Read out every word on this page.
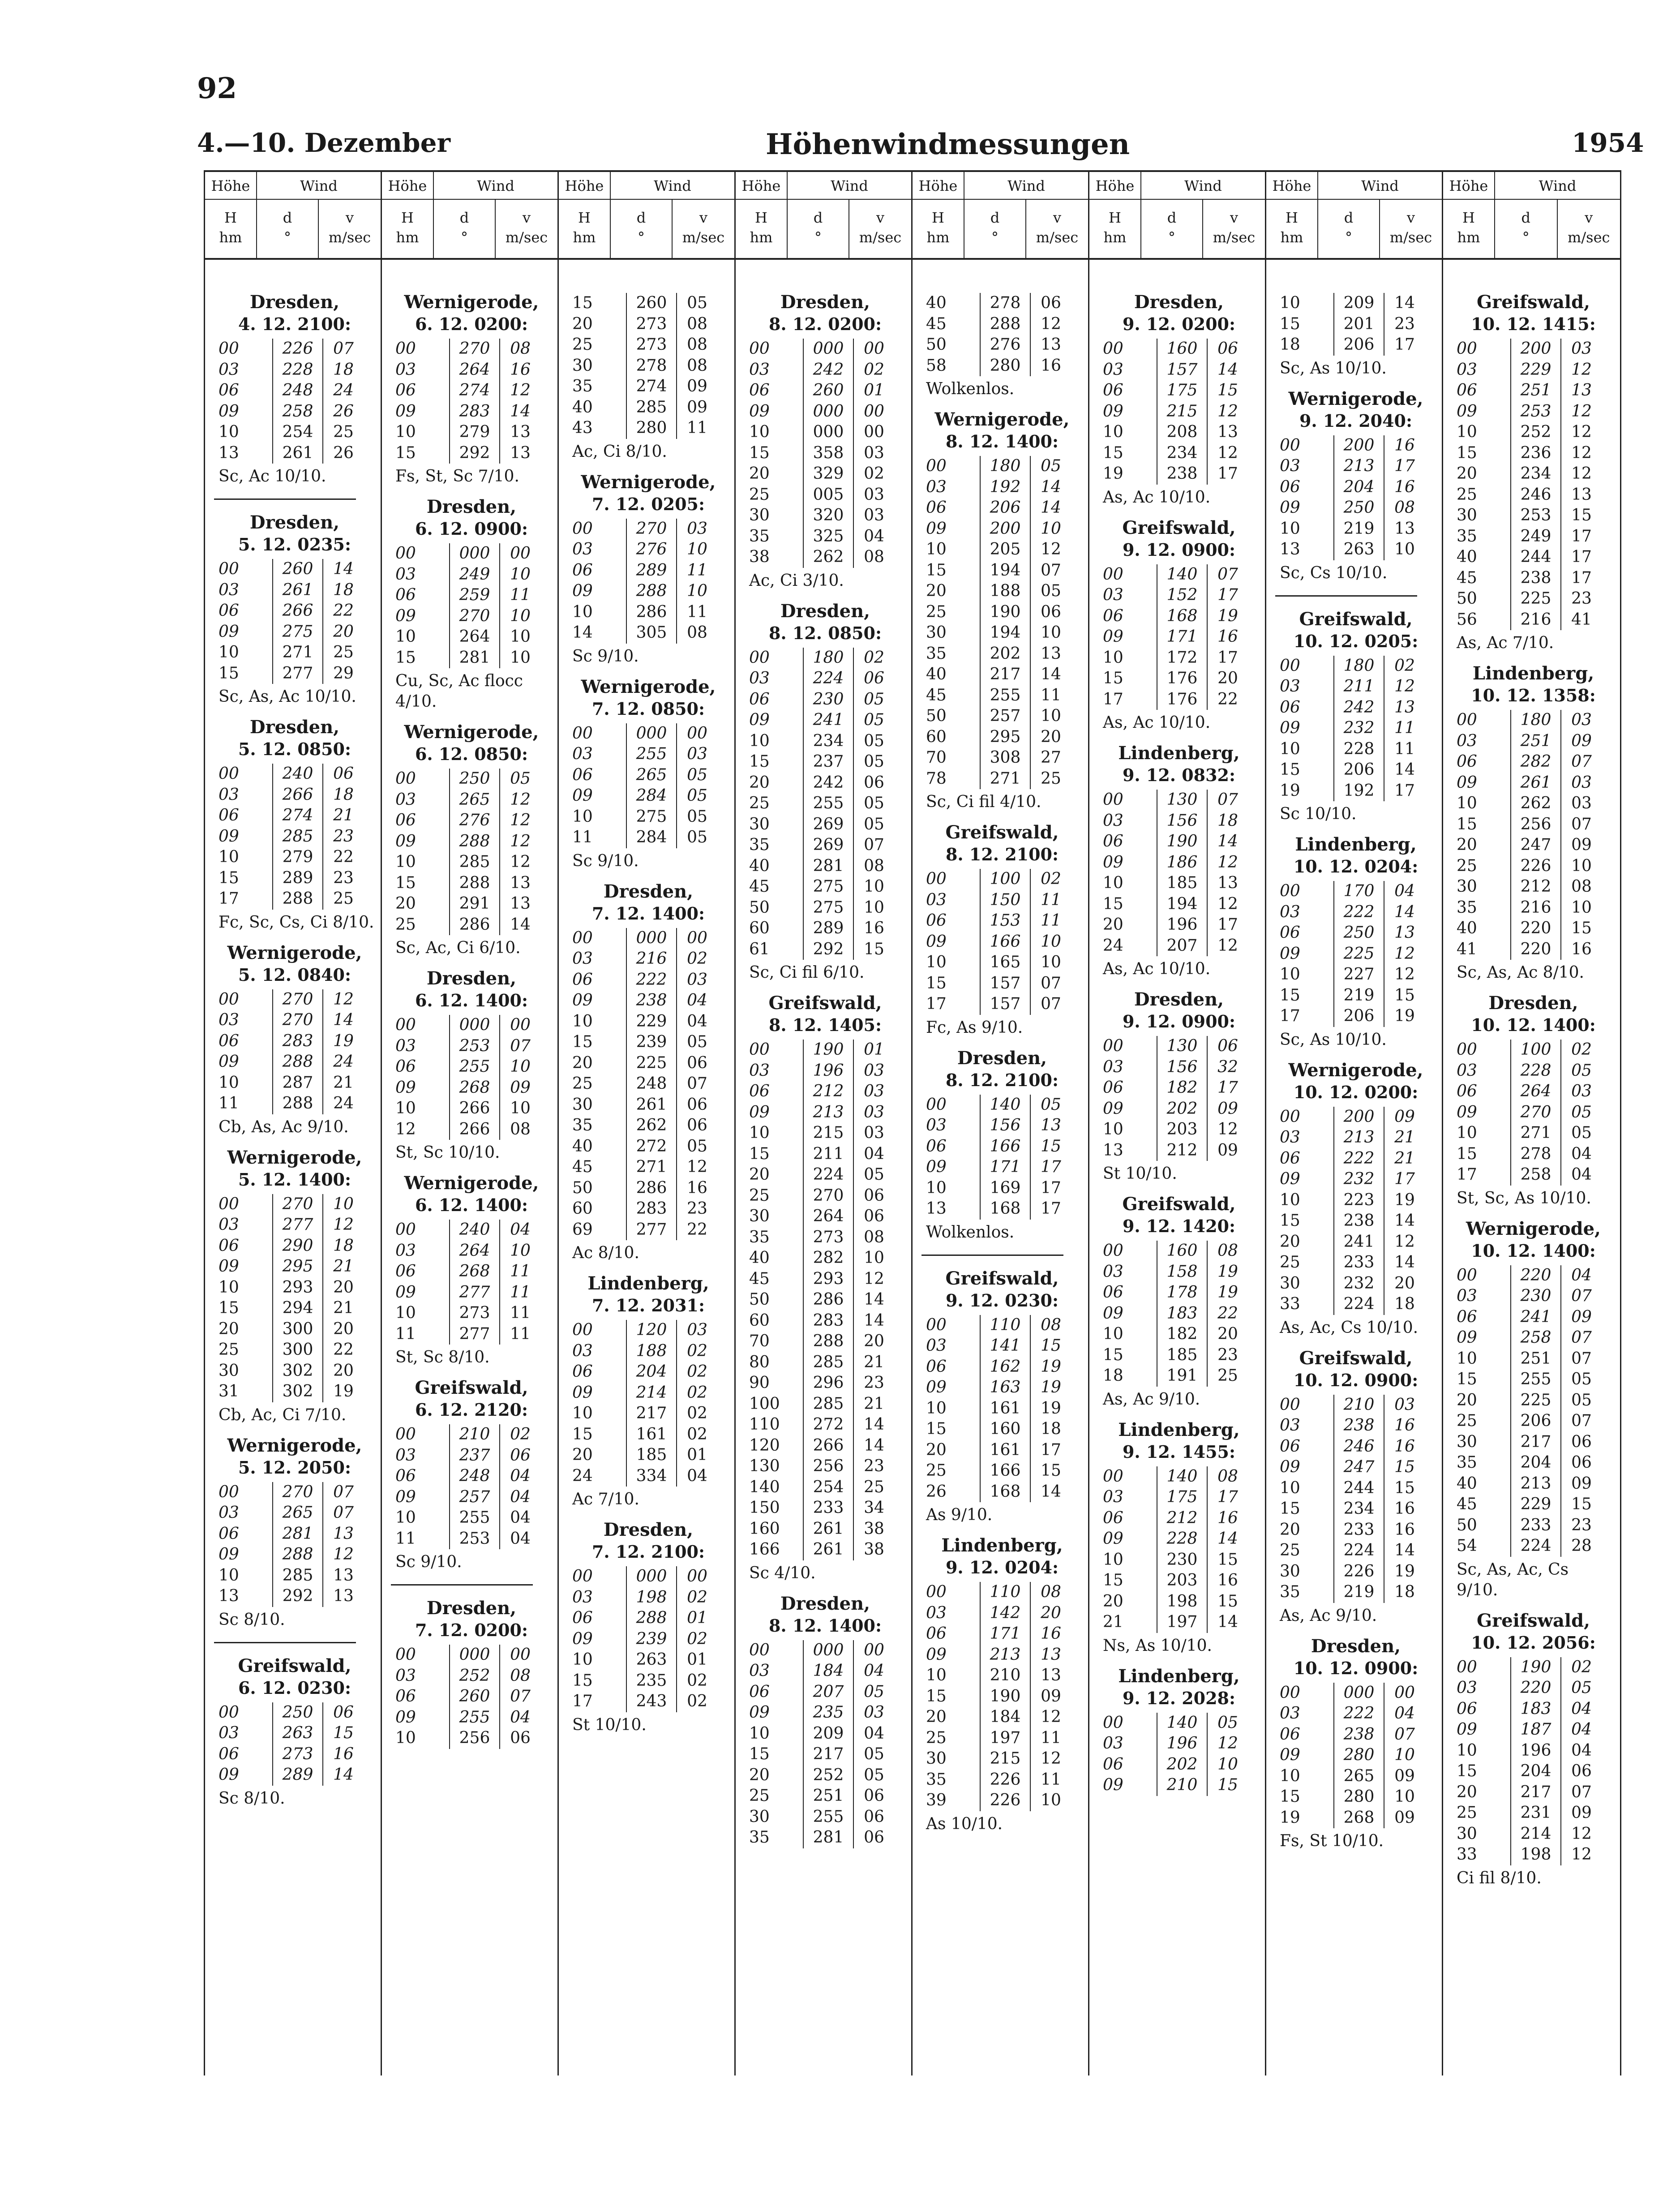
92
4.—10. Dezember	Höhenwindmessungen	1954
Höhe	Wind
H
hm
d
°
v
m/sec
Dresden,
4. 12. 2100:
00	226	07
03	228	18
06	248	24
09	258	26
10	254	25
13	261	26
Sc, Ac 10/10.
Dresden,
5. 12. 0235:
00	260	14
03	261	18
06	266	22
09	275	20
10	271	25
15	277	29
Sc, As, Ac 10/10.
Dresden,
5. 12. 0850:
00	240	06
03	266	18
06	274	21
09	285	23
10	279	22
15	289	23
17	288	25
Fc, Sc, Cs, Ci 8/10.
Wernigerode,
5. 12. 0840:
00	270	12
03	270	14
06	283	19
09	288	24
10	287	21
11	288	24
Cb, As, Ac 9/10.
Wernigerode,
5. 12. 1400:
00	270	10
03	277	12
06	290	18
09	295	21
10	293	20
15	294	21
20	300	20
25	300	22
30	302	20
31	302	19
Cb, Ac, Ci 7/10.
Wernigerode,
5. 12. 2050:
00	270	07
03	265	07
06	281	13
09	288	12
10	285	13
13	292	13
Sc 8/10.
Greifswald,
6. 12. 0230:
00	250	06
03	263	15
06	273	16
09	289	14
Sc 8/10.
Höhe	Wind
H
hm
d
°
v
m/sec
Wernigerode,
6. 12. 0200:
00	270	08
03	264	16
06	274	12
09	283	14
10	279	13
15	292	13
Fs, St, Sc 7/10.
Dresden,
6. 12. 0900:
00	000	00
03	249	10
06	259	11
09	270	10
10	264	10
15	281	10
Cu, Sc, Ac flocc 4/10.
Wernigerode,
6. 12. 0850:
00	250	05
03	265	12
06	276	12
09	288	12
10	285	12
15	288	13
20	291	13
25	286	14
Sc, Ac, Ci 6/10.
Dresden,
6. 12. 1400:
00	000	00
03	253	07
06	255	10
09	268	09
10	266	10
12	266	08
St, Sc 10/10.
Wernigerode,
6. 12. 1400:
00	240	04
03	264	10
06	268	11
09	277	11
10	273	11
11	277	11
St, Sc 8/10.
Greifswald,
6. 12. 2120:
00	210	02
03	237	06
06	248	04
09	257	04
10	255	04
11	253	04
Sc 9/10.
Dresden,
7. 12. 0200:
00	000	00
03	252	08
06	260	07
09	255	04
10	256	06
Höhe	Wind
H
hm
d
°
v
m/sec
15	260	05
20	273	08
25	273	08
30	278	08
35	274	09
40	285	09
43	280	11
Ac, Ci 8/10.
Wernigerode,
7. 12. 0205:
00	270	03
03	276	10
06	289	11
09	288	10
10	286	11
14	305	08
Sc 9/10.
Wernigerode,
7. 12. 0850:
00	000	00
03	255	03
06	265	05
09	284	05
10	275	05
11	284	05
Sc 9/10.
Dresden,
7. 12. 1400:
00	000	00
03	216	02
06	222	03
09	238	04
10	229	04
15	239	05
20	225	06
25	248	07
30	261	06
35	262	06
40	272	05
45	271	12
50	286	16
60	283	23
69	277	22
Ac 8/10.
Lindenberg,
7. 12. 2031:
00	120	03
03	188	02
06	204	02
09	214	02
10	217	02
15	161	02
20	185	01
24	334	04
Ac 7/10.
Dresden,
7. 12. 2100:
00	000	00
03	198	02
06	288	01
09	239	02
10	263	01
15	235	02
17	243	02
St 10/10.
Höhe	Wind
H
hm
d
°
v
m/sec
Dresden,
8. 12. 0200:
00	000	00
03	242	02
06	260	01
09	000	00
10	000	00
15	358	03
20	329	02
25	005	03
30	320	03
35	325	04
38	262	08
Ac, Ci 3/10.
Dresden,
8. 12. 0850:
00	180	02
03	224	06
06	230	05
09	241	05
10	234	05
15	237	05
20	242	06
25	255	05
30	269	05
35	269	07
40	281	08
45	275	10
50	275	10
60	289	16
61	292	15
Sc, Ci fil 6/10.
Greifswald,
8. 12. 1405:
00	190	01
03	196	03
06	212	03
09	213	03
10	215	03
15	211	04
20	224	05
25	270	06
30	264	06
35	273	08
40	282	10
45	293	12
50	286	14
60	283	14
70	288	20
80	285	21
90	296	23
100	285	21
110	272	14
120	266	14
130	256	23
140	254	25
150	233	34
160	261	38
166	261	38
Sc 4/10.
Dresden,
8. 12. 1400:
00	000	00
03	184	04
06	207	05
09	235	03
10	209	04
15	217	05
20	252	05
25	251	06
30	255	06
35	281	06
Höhe	Wind
H
hm
d
°
v
m/sec
40	278	06
45	288	12
50	276	13
58	280	16
Wolkenlos.
Wernigerode,
8. 12. 1400:
00	180	05
03	192	14
06	206	14
09	200	10
10	205	12
15	194	07
20	188	05
25	190	06
30	194	10
35	202	13
40	217	14
45	255	11
50	257	10
60	295	20
70	308	27
78	271	25
Sc, Ci fil 4/10.
Greifswald,
8. 12. 2100:
00	100	02
03	150	11
06	153	11
09	166	10
10	165	10
15	157	07
17	157	07
Fc, As 9/10.
Dresden,
8. 12. 2100:
00	140	05
03	156	13
06	166	15
09	171	17
10	169	17
13	168	17
Wolkenlos.
Greifswald,
9. 12. 0230:
00	110	08
03	141	15
06	162	19
09	163	19
10	161	19
15	160	18
20	161	17
25	166	15
26	168	14
As 9/10.
Lindenberg,
9. 12. 0204:
00	110	08
03	142	20
06	171	16
09	213	13
10	210	13
15	190	09
20	184	12
25	197	11
30	215	12
35	226	11
39	226	10
As 10/10.
Höhe	Wind
H
hm
d
°
v
m/sec
Dresden,
9. 12. 0200:
00	160	06
03	157	14
06	175	15
09	215	12
10	208	13
15	234	12
19	238	17
As, Ac 10/10.
Greifswald,
9. 12. 0900:
00	140	07
03	152	17
06	168	19
09	171	16
10	172	17
15	176	20
17	176	22
As, Ac 10/10.
Lindenberg,
9. 12. 0832:
00	130	07
03	156	18
06	190	14
09	186	12
10	185	13
15	194	12
20	196	17
24	207	12
As, Ac 10/10.
Dresden,
9. 12. 0900:
00	130	06
03	156	32
06	182	17
09	202	09
10	203	12
13	212	09
St 10/10.
Greifswald,
9. 12. 1420:
00	160	08
03	158	19
06	178	19
09	183	22
10	182	20
15	185	23
18	191	25
As, Ac 9/10.
Lindenberg,
9. 12. 1455:
00	140	08
03	175	17
06	212	16
09	228	14
10	230	15
15	203	16
20	198	15
21	197	14
Ns, As 10/10.
Lindenberg,
9. 12. 2028:
00	140	05
03	196	12
06	202	10
09	210	15
Höhe	Wind
H
hm
d
°
v
m/sec
10	209	14
15	201	23
18	206	17
Sc, As 10/10.
Wernigerode,
9. 12. 2040:
00	200	16
03	213	17
06	204	16
09	250	08
10	219	13
13	263	10
Sc, Cs 10/10.
Greifswald,
10. 12. 0205:
00	180	02
03	211	12
06	242	13
09	232	11
10	228	11
15	206	14
19	192	17
Sc 10/10.
Lindenberg,
10. 12. 0204:
00	170	04
03	222	14
06	250	13
09	225	12
10	227	12
15	219	15
17	206	19
Sc, As 10/10.
Wernigerode,
10. 12. 0200:
00	200	09
03	213	21
06	222	21
09	232	17
10	223	19
15	238	14
20	241	12
25	233	14
30	232	20
33	224	18
As, Ac, Cs 10/10.
Greifswald,
10. 12. 0900:
00	210	03
03	238	16
06	246	16
09	247	15
10	244	15
15	234	16
20	233	16
25	224	14
30	226	19
35	219	18
As, Ac 9/10.
Dresden,
10. 12. 0900:
00	000	00
03	222	04
06	238	07
09	280	10
10	265	09
15	280	10
19	268	09
Fs, St 10/10.
Höhe	Wind
H
hm
d
°
v
m/sec
Greifswald,
10. 12. 1415:
00	200	03
03	229	12
06	251	13
09	253	12
10	252	12
15	236	12
20	234	12
25	246	13
30	253	15
35	249	17
40	244	17
45	238	17
50	225	23
56	216	41
As, Ac 7/10.
Lindenberg,
10. 12. 1358:
00	180	03
03	251	09
06	282	07
09	261	03
10	262	03
15	256	07
20	247	09
25	226	10
30	212	08
35	216	10
40	220	15
41	220	16
Sc, As, Ac 8/10.
Dresden,
10. 12. 1400:
00	100	02
03	228	05
06	264	03
09	270	05
10	271	05
15	278	04
17	258	04
St, Sc, As 10/10.
Wernigerode,
10. 12. 1400:
00	220	04
03	230	07
06	241	09
09	258	07
10	251	07
15	255	05
20	225	05
25	206	07
30	217	06
35	204	06
40	213	09
45	229	15
50	233	23
54	224	28
Sc, As, Ac, Cs 9/10.
Greifswald,
10. 12. 2056:
00	190	02
03	220	05
06	183	04
09	187	04
10	196	04
15	204	06
20	217	07
25	231	09
30	214	12
33	198	12
Ci fil 8/10.
